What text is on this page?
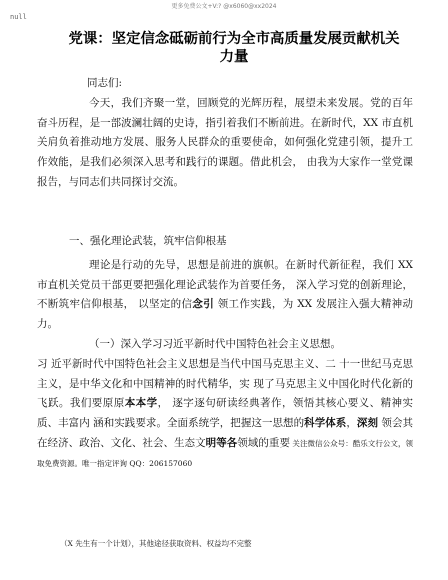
更多免费公文+V:? @x6060@xx2024
null
党课：坚定信念砥砺前行为全市高质量发展贡献机关力量
同志们:

今天，我们齐聚一堂，回顾党的光辉历程，展望未来发展。党的百年奋斗历程，是一部波澜壮阔的史诗，指引着我们不断前进。在新时代，XX 市直机关肩负着推动地方发展、服务人民群众的重要使命，如何强化党建引领，提升工作效能，是我们必须深入思考和践行的课题。借此机会， 由我为大家作一堂党课报告，与同志们共同探讨交流。

一、强化理论武装，筑牢信仰根基

理论是行动的先导，思想是前进的旗帜。在新时代新征程，我们 XX 市直机关党员干部更要把强化理论武装作为首要任务， 深入学习党的创新理论，不断筑牢信仰根基， 以坚定的信念引 领工作实践，为 XX 发展注入强大精神动力。

（一）深入学习习近平新时代中国特色社会主义思想。

习 近平新时代中国特色社会主义思想是当代中国马克思主义、二 十一世纪马克思主义，是中华文化和中国精神的时代精华，实 现了马克思主义中国化时代化新的飞跃。我们要原原本本学， 逐字逐句研读经典著作，领悟其核心要义、精神实质、丰富内 涵和实践要求。全面系统学，把握这一思想的科学体系，深刻 领会其在经济、政治、文化、社会、生态文明等各领域的重要 关注微信公众号：酷乐文行公文，领取免费资源。唯一指定评询 QQ：206157060

（X 先生有一个计划），其他途径获取资料、权益均不完整
